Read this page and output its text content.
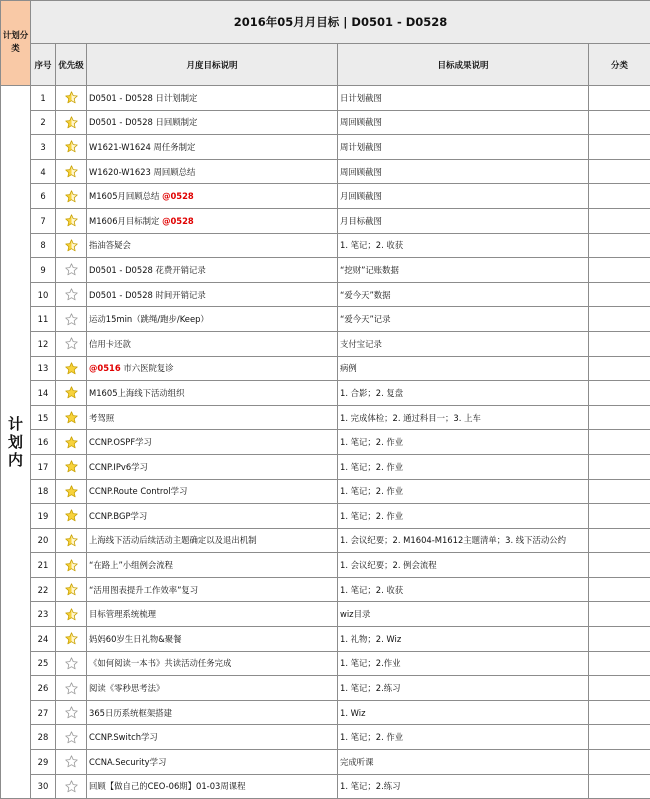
计划分类	2016年05月月目标 | D0501 - D0528				
	序号	优先级	月度目标说明	目标成果说明	分类
计划内	1		D0501 - D0528 日计划制定	日计划截图	
	2		D0501 - D0528 日回顾制定	周回顾截图	
	3		W1621-W1624 周任务制定	周计划截图	
	4		W1620-W1623 周回顾总结	周回顾截图	
	6		M1605月回顾总结 @0528	月回顾截图	
	7		M1606月目标制定 @0528	月目标截图	
	8		指油答疑会	1. 笔记；2. 收获	
	9		D0501 - D0528 花费开销记录	“挖财”记账数据	
	10		D0501 - D0528 时间开销记录	“爱今天”数据	
	11		运动15min（跳绳/跑步/Keep）	“爱今天”记录	
	12		信用卡还款	支付宝记录	
	13		@0516 市六医院复诊	病例	
	14		M1605上海线下活动组织	1. 合影；2. 复盘	
	15		考驾照	1. 完成体检；2. 通过科目一；3. 上车	
	16		CCNP.OSPF学习	1. 笔记；2. 作业	
	17		CCNP.IPv6学习	1. 笔记；2. 作业	
	18		CCNP.Route Control学习	1. 笔记；2. 作业	
	19		CCNP.BGP学习	1. 笔记；2. 作业	
	20		上海线下活动后续活动主题确定以及退出机制	1. 会议纪要；2. M1604-M1612主题清单；3. 线下活动公约	
	21		“在路上”小组例会流程	1. 会议纪要；2. 例会流程	
	22		“活用图表提升工作效率”复习	1. 笔记；2. 收获	
	23		目标管理系统梳理	wiz目录	
	24		妈妈60岁生日礼物&聚餐	1. 礼物；2. Wiz	
	25		《如何阅读一本书》共读活动任务完成	1. 笔记；2.作业	
	26		阅读《零秒思考法》	1. 笔记；2.练习	
	27		365日历系统框架搭建	1. Wiz	
	28		CCNP.Switch学习	1. 笔记；2. 作业	
	29		CCNA.Security学习	完成听课	
	30		回顾【做自己的CEO-06期】01-03周课程	1. 笔记；2.练习	
